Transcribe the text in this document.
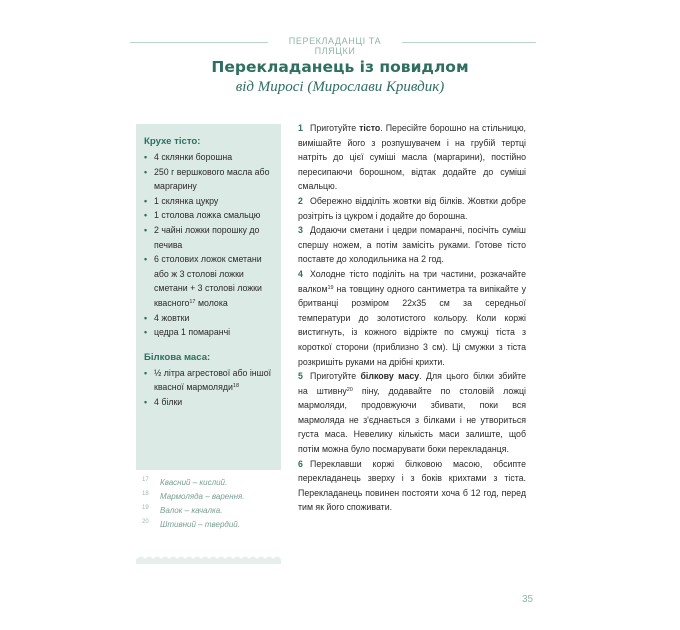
ПЕРЕКЛАДАНЦІ ТА ПЛЯЦКИ
Перекладанець із повидлом
від Миросі (Мирослави Кривдик)
Крухе тісто:
• 4 склянки борошна
• 250 г вершкового масла або маргарину
• 1 склянка цукру
• 1 столова ложка смальцю
• 2 чайні ложки порошку до печива
• 6 столових ложок сметани або ж 3 столові ложки сметани + 3 столові ложки квасного$^{17}$ молока
• 4 жовтки
• цедра 1 помаранчі
Білкова маса:
• ½ літра агрестової або іншої квасної мармоляди$^{18}$
• 4 білки
17 Квасний – кислий.
18 Мармоляда – варення.
19 Валок – качалка.
20 Штивний – твердий.

1 Приготуйте тісто. Пересійте борошно на стільницю, вимішайте його з розпушувачем і на грубій тертці натріть до цієї суміші масла (маргарини), постійно пересипаючи борошном, відтак додайте до суміші смальцю.

2 Обережно відділіть жовтки від білків. Жовтки добре розітріть із цукром і додайте до борошна.

3 Додаючи сметани і цедри помаранчі, посічіть суміш спершу ножем, а потім замісіть руками. Готове тісто поставте до холодильника на 2 год.

4 Холодне тісто поділіть на три частини, розкачайте валком$^{19}$ на товщину одного сантиметра та випікайте у бритванці розміром 22х35 см за середньої температури до золотистого кольору. Коли коржі вистигнуть, із кожного відріжте по смужці тіста з короткої сторони (приблизно 3 см). Ці смужки з тіста розкришіть руками на дрібні крихти.

5 Приготуйте білкову масу. Для цього білки збийте на штивну$^{20}$ піну, додавайте по столовій ложці мармоляди, продовжуючи збивати, поки вся мармоляда не з'єднається з білками і не утвориться густа маса. Невелику кількість маси залиште, щоб потім можна було посмарувати боки перекладанця.

6 Переклавши коржі білковою масою, обсипте перекладанець зверху і з боків крихтами з тіста. Перекладанець повинен постояти хоча б 12 год, перед тим як його споживати.

35
